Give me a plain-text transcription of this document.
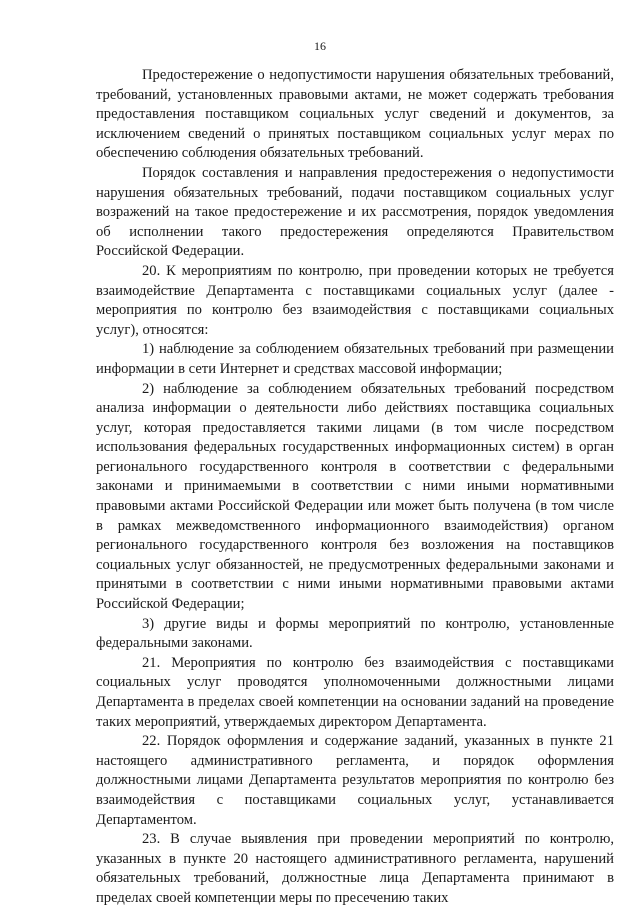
16

Предостережение о недопустимости нарушения обязательных требований, требований, установленных правовыми актами, не может содержать требования предоставления поставщиком социальных услуг сведений и документов, за исключением сведений о принятых поставщиком социальных услуг мерах по обеспечению соблюдения обязательных требований.

Порядок составления и направления предостережения о недопустимости нарушения обязательных требований, подачи поставщиком социальных услуг возражений на такое предостережение и их рассмотрения, порядок уведомления об исполнении такого предостережения определяются Правительством Российской Федерации.

20. К мероприятиям по контролю, при проведении которых не требуется взаимодействие Департамента с поставщиками социальных услуг (далее - мероприятия по контролю без взаимодействия с поставщиками социальных услуг), относятся:

1) наблюдение за соблюдением обязательных требований при размещении информации в сети Интернет и средствах массовой информации;

2) наблюдение за соблюдением обязательных требований посредством анализа информации о деятельности либо действиях поставщика социальных услуг, которая предоставляется такими лицами (в том числе посредством использования федеральных государственных информационных систем) в орган регионального государственного контроля в соответствии с федеральными законами и принимаемыми в соответствии с ними иными нормативными правовыми актами Российской Федерации или может быть получена (в том числе в рамках межведомственного информационного взаимодействия) органом регионального государственного контроля без возложения на поставщиков социальных услуг обязанностей, не предусмотренных федеральными законами и принятыми в соответствии с ними иными нормативными правовыми актами Российской Федерации;

3) другие виды и формы мероприятий по контролю, установленные федеральными законами.

21. Мероприятия по контролю без взаимодействия с поставщиками социальных услуг проводятся уполномоченными должностными лицами Департамента в пределах своей компетенции на основании заданий на проведение таких мероприятий, утверждаемых директором Департамента.

22. Порядок оформления и содержание заданий, указанных в пункте 21 настоящего административного регламента, и порядок оформления должностными лицами Департамента результатов мероприятия по контролю без взаимодействия с поставщиками социальных услуг, устанавливается Департаментом.

23. В случае выявления при проведении мероприятий по контролю, указанных в пункте 20 настоящего административного регламента, нарушений обязательных требований, должностные лица Департамента принимают в пределах своей компетенции меры по пресечению таких
